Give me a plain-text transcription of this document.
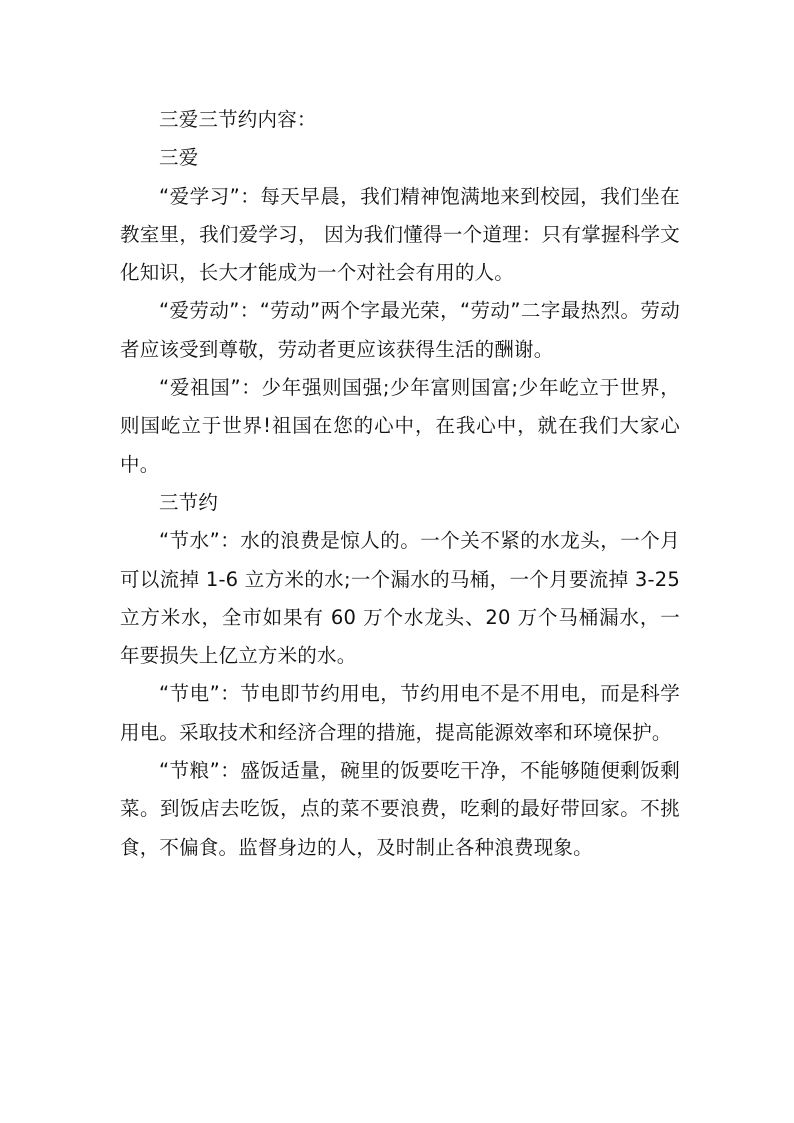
三爱三节约内容：

三爱

“爱学习”：每天早晨，我们精神饱满地来到校园，我们坐在教室里，我们爱学习， 因为我们懂得一个道理：只有掌握科学文化知识，长大才能成为一个对社会有用的人。

“爱劳动”：“劳动”两个字最光荣，“劳动”二字最热烈。劳动者应该受到尊敬，劳动者更应该获得生活的酬谢。

“爱祖国”：少年强则国强;少年富则国富;少年屹立于世界，则国屹立于世界!祖国在您的心中，在我心中，就在我们大家心中。

三节约

“节水”：水的浪费是惊人的。一个关不紧的水龙头，一个月可以流掉 1-6 立方米的水;一个漏水的马桶，一个月要流掉 3-25 立方米水，全市如果有 60 万个水龙头、20 万个马桶漏水，一年要损失上亿立方米的水。

“节电”：节电即节约用电，节约用电不是不用电，而是科学用电。采取技术和经济合理的措施，提高能源效率和环境保护。

“节粮”：盛饭适量，碗里的饭要吃干净，不能够随便剩饭剩菜。到饭店去吃饭，点的菜不要浪费，吃剩的最好带回家。不挑食，不偏食。监督身边的人，及时制止各种浪费现象。
